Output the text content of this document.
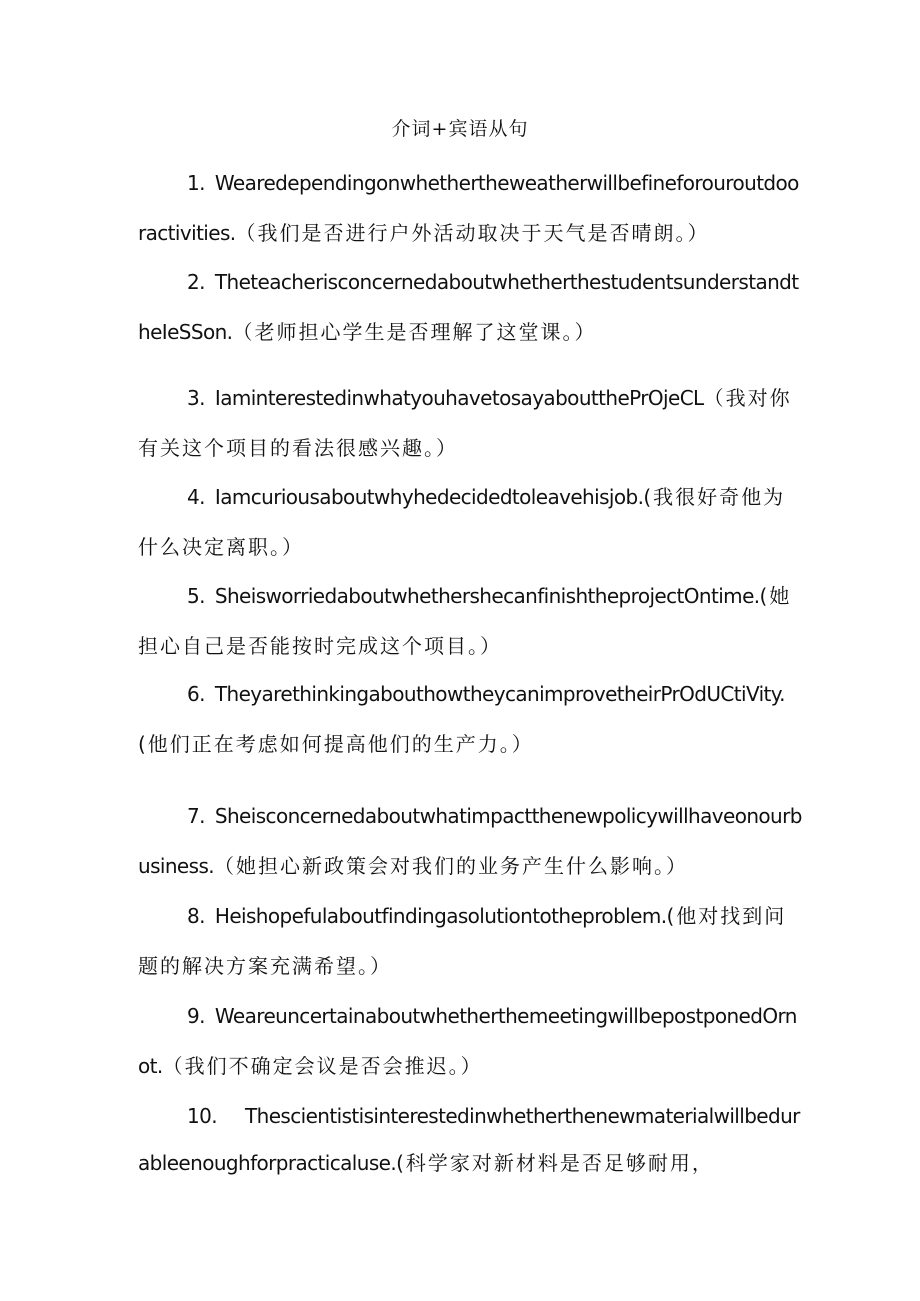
介词+宾语从句

1. Wearedependingonwhethertheweatherwillbefineforouroutdooractivities.（我们是否进行户外活动取决于天气是否晴朗。）

2. TheteacherisconcernedaboutwhetherthestudentsunderstandtheIeSSon.（老师担心学生是否理解了这堂课。）

3. IaminterestedinwhatyouhavetosayaboutthePrOjeCL（我对你有关这个项目的看法很感兴趣。）

4. Iamcuriousaboutwhyhedecidedtoleavehisjob.(我很好奇他为什么决定离职。）

5. SheisworriedaboutwhethershecanfinishtheprojectOntime.(她担心自己是否能按时完成这个项目。）

6. TheyarethinkingabouthowtheycanimprovetheirPrOdUCtiVity.(他们正在考虑如何提高他们的生产力。）

7. Sheisconcernedaboutwhatimpactthenewpolicywillhaveonourbusiness.（她担心新政策会对我们的业务产生什么影响。）

8. Heishopefulaboutfindingasolutiontotheproblem.(他对找到问题的解决方案充满希望。）

9. WeareuncertainaboutwhetherthemeetingwillbepostponedOrnot.（我们不确定会议是否会推迟。）

10. Thescientistisinterestedinwhetherthenewmaterialwillbedurableenoughforpracticaluse.(科学家对新材料是否足够耐用，
